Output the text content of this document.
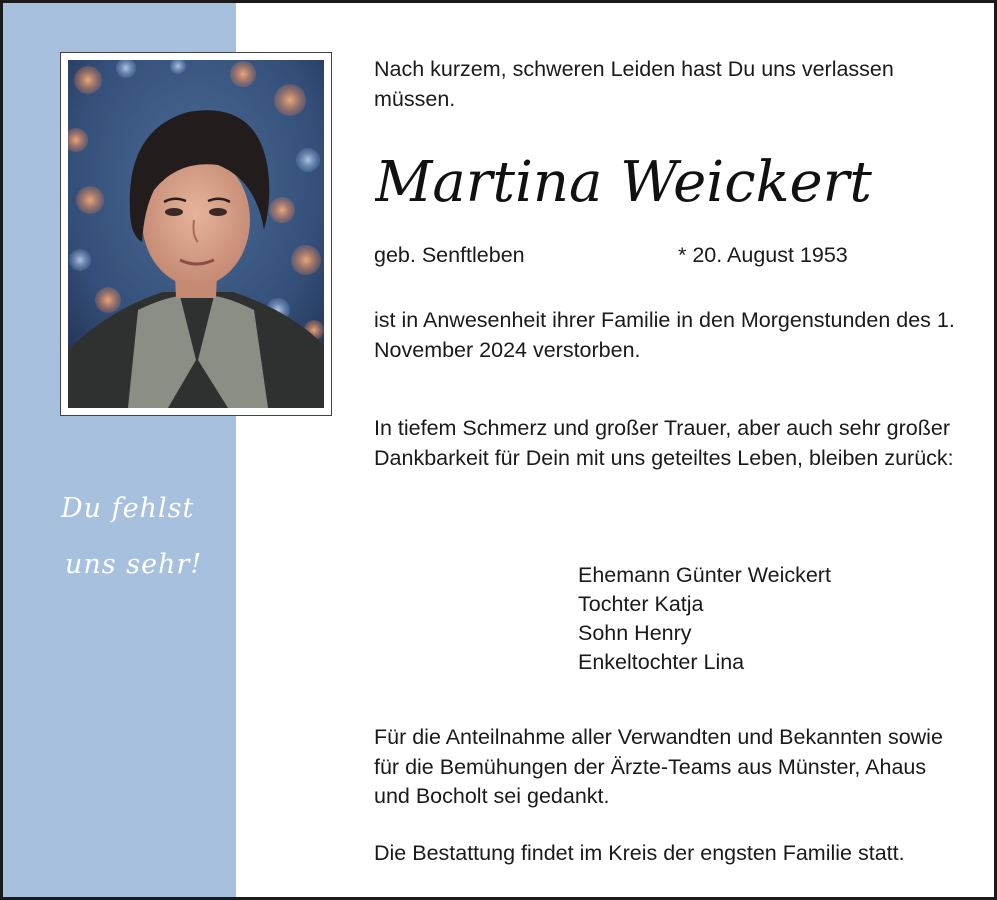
Du fehlst
uns sehr!
Nach kurzem, schweren Leiden hast Du uns verlassen müssen.
Martina Weickert
geb. Senftleben	* 20. August 1953
ist in Anwesenheit ihrer Familie in den Morgenstunden des 1. November 2024 verstorben.
In tiefem Schmerz und großer Trauer, aber auch sehr großer Dankbarkeit für Dein mit uns geteiltes Leben, bleiben zurück:
Ehemann Günter Weickert
Tochter Katja
Sohn Henry
Enkeltochter Lina
Für die Anteilnahme aller Verwandten und Bekannten sowie für die Bemühungen der Ärzte-Teams aus Münster, Ahaus und Bocholt sei gedankt.
Die Bestattung findet im Kreis der engsten Familie statt.
